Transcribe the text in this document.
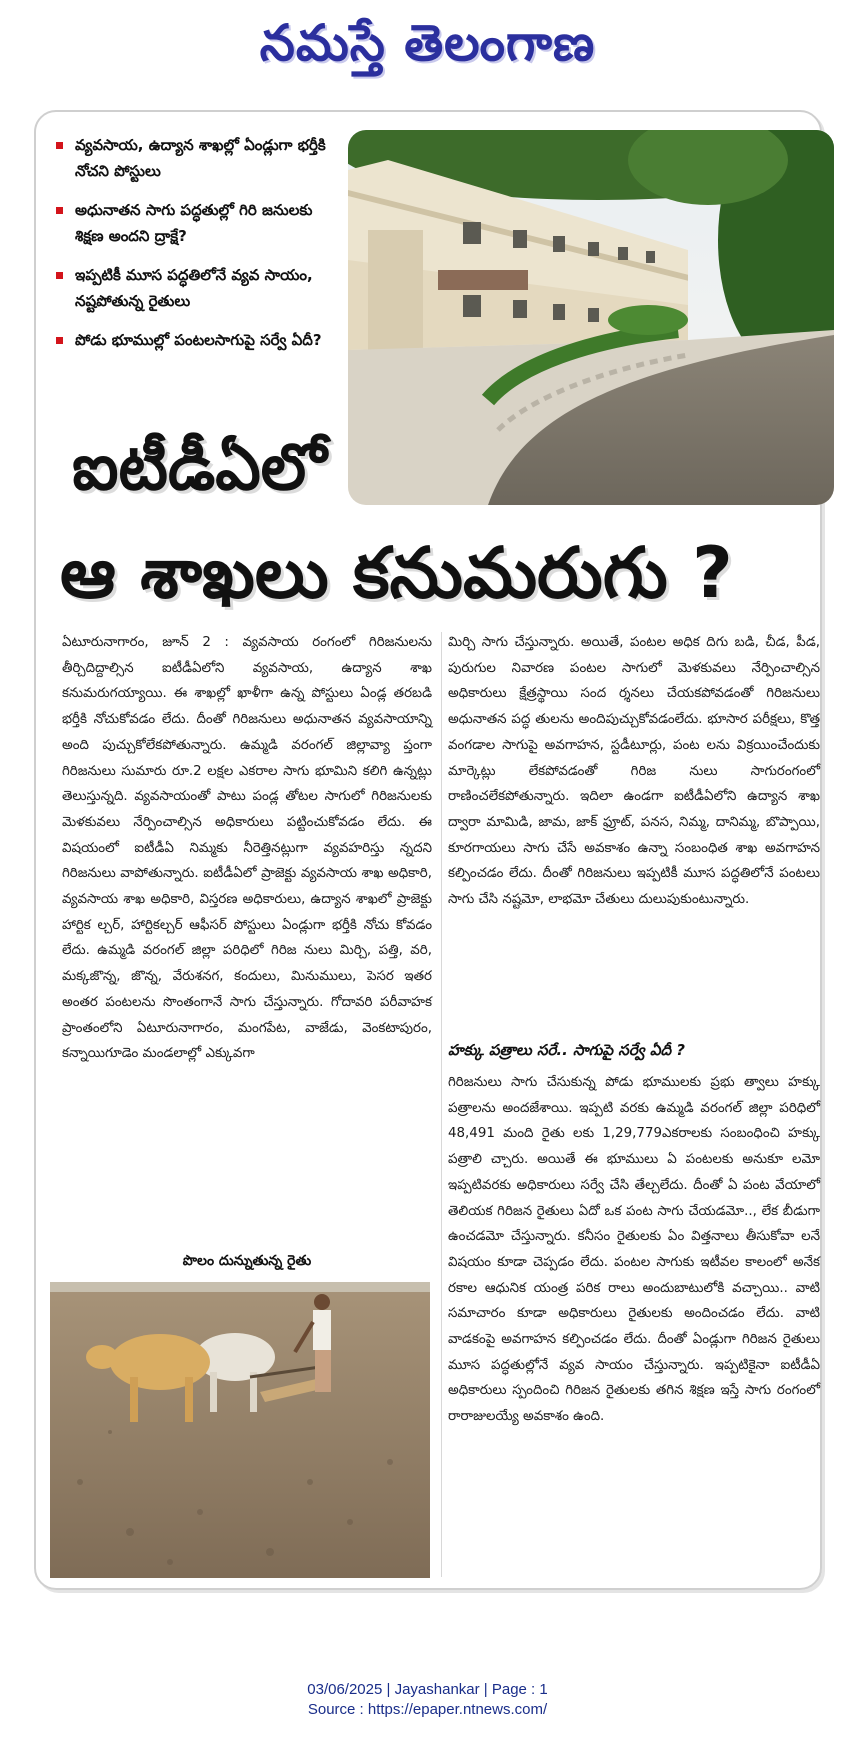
నమస్తే తెలంగాణ
వ్యవసాయ, ఉద్యాన శాఖల్లో ఏండ్లుగా భర్తీకి నోచని పోస్టులు
అధునాతన సాగు పద్ధతుల్లో గిరి జనులకు శిక్షణ అందని ద్రాక్షే?
ఇప్పటికీ మూస పద్ధతిలోనే వ్యవ సాయం, నష్టపోతున్న రైతులు
పోడు భూముల్లో పంటలసాగుపై సర్వే ఏదీ?
ఐటీడీఏలో
ఆ శాఖలు కనుమరుగు ?
ఏటూరునాగారం, జూన్ 2 : వ్యవసాయ రంగంలో గిరిజనులను తీర్చిదిద్దాల్సిన ఐటీడీఏలోని వ్యవసాయ, ఉద్యాన శాఖ కనుమరుగయ్యాయి. ఈ శాఖల్లో ఖాళీగా ఉన్న పోస్టులు ఏండ్ల తరబడి భర్తీకి నోచుకోవడం లేదు. దీంతో గిరిజనులు అధునాతన వ్యవసాయాన్ని అంది పుచ్చుకోలేకపోతున్నారు. ఉమ్మడి వరంగల్ జిల్లావ్యా ప్తంగా గిరిజనులు సుమారు రూ.2 లక్షల ఎకరాల సాగు భూమిని కలిగి ఉన్నట్లు తెలుస్తున్నది. వ్యవసాయంతో పాటు పండ్ల తోటల సాగులో గిరిజనులకు మెళకువలు నేర్పించాల్సిన అధికారులు పట్టించుకోవడం లేదు. ఈ విషయంలో ఐటీడీఏ నిమ్మకు నీరెత్తినట్లుగా వ్యవహరిస్తు న్నదని గిరిజనులు వాపోతున్నారు. ఐటీడీఏలో ప్రాజెక్టు వ్యవసాయ శాఖ అధికారి, వ్యవసాయ శాఖ అధికారి, విస్తరణ అధికారులు, ఉద్యాన శాఖలో ప్రాజెక్టు హార్టిక ల్చర్, హార్టికల్చర్ ఆఫీసర్ పోస్టులు ఏండ్లుగా భర్తీకి నోచు కోవడం లేదు. ఉమ్మడి వరంగల్ జిల్లా పరిధిలో గిరిజ నులు మిర్చి, పత్తి, వరి, మక్కజొన్న, జొన్న, వేరుశనగ, కందులు, మినుములు, పెసర ఇతర అంతర పంటలను సొంతంగానే సాగు చేస్తున్నారు. గోదావరి పరీవాహక ప్రాంతంలోని ఏటూరునాగారం, మంగపేట, వాజేడు, వెంకటాపురం, కన్నాయిగూడెం మండలాల్లో ఎక్కువగా
మిర్చి సాగు చేస్తున్నారు. అయితే, పంటల అధిక దిగు బడి, చీడ, పీడ, పురుగుల నివారణ పంటల సాగులో మెళకువలు నేర్పించాల్సిన అధికారులు క్షేత్రస్థాయి సంద ర్శనలు చేయకపోవడంతో గిరిజనులు అధునాతన పద్ధ తులను అందిపుచ్చుకోవడంలేదు. భూసార పరీక్షలు, కొత్త వంగడాల సాగుపై అవగాహన, స్టడీటూర్లు, పంట లను విక్రయించేందుకు మార్కెట్లు లేకపోవడంతో గిరిజ నులు సాగురంగంలో రాణించలేకపోతున్నారు. ఇదిలా ఉండగా ఐటీడీఏలోని ఉద్యాన శాఖ ద్వారా మామిడి, జామ, జాక్ ఫ్రూట్, పనస, నిమ్మ, దానిమ్మ, బొప్పాయి, కూరగాయలు సాగు చేసే అవకాశం ఉన్నా సంబంధిత శాఖ అవగాహన కల్పించడం లేదు. దీంతో గిరిజనులు ఇప్పటికీ మూస పద్ధతిలోనే పంటలు సాగు చేసి నష్టమో, లాభమో చేతులు దులుపుకుంటున్నారు.
హక్కు పత్రాలు సరే.. సాగుపై సర్వే ఏదీ ?
గిరిజనులు సాగు చేసుకున్న పోడు భూములకు ప్రభు త్వాలు హక్కు పత్రాలను అందజేశాయి. ఇప్పటి వరకు ఉమ్మడి వరంగల్ జిల్లా పరిధిలో 48,491 మంది రైతు లకు 1,29,779ఎకరాలకు సంబంధించి హక్కు పత్రాలి చ్చారు. అయితే ఈ భూములు ఏ పంటలకు అనుకూ లమో ఇప్పటివరకు అధికారులు సర్వే చేసి తేల్చలేదు. దీంతో ఏ పంట వేయాలో తెలియక గిరిజన రైతులు ఏదో ఒక పంట సాగు చేయడమో.., లేక బీడుగా ఉంచడమో చేస్తున్నారు. కనీసం రైతులకు ఏం విత్తనాలు తీసుకోవా లనే విషయం కూడా చెప్పడం లేదు. పంటల సాగుకు ఇటీవల కాలంలో అనేక రకాల ఆధునిక యంత్ర పరిక రాలు అందుబాటులోకి వచ్చాయి.. వాటి సమాచారం కూడా అధికారులు రైతులకు అందించడం లేదు. వాటి వాడకంపై అవగాహన కల్పించడం లేదు. దీంతో ఏండ్లుగా గిరిజన రైతులు మూస పద్ధతుల్లోనే వ్యవ సాయం చేస్తున్నారు. ఇప్పటికైనా ఐటీడీఏ అధికారులు స్పందించి గిరిజన రైతులకు తగిన శిక్షణ ఇస్తే సాగు రంగంలో రారాజులయ్యే అవకాశం ఉంది.
పొలం దున్నుతున్న రైతు
03/06/2025 | Jayashankar | Page : 1
Source : https://epaper.ntnews.com/
